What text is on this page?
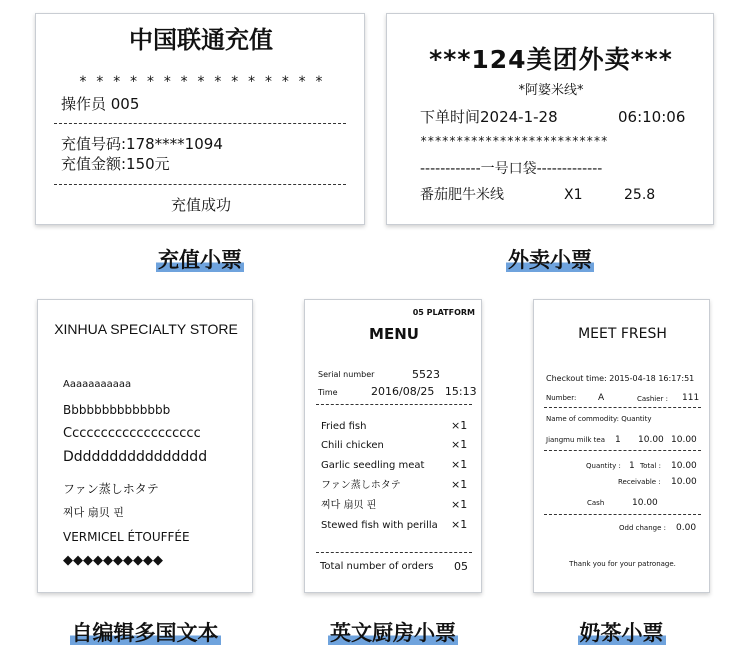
中国联通充值
* * * * * * * * * * * * * * *
操作员 005
充值号码:178****1094
充值金额:150元
充值成功
充值小票
***124美团外卖***
*阿婆米线*
下单时间2024-1-28	06:10:06
**************************
------------一号口袋-------------
番茄肥牛米线	X1	25.8
外卖小票
XINHUA SPECIALTY STORE
Aaaaaaaaaaa
Bbbbbbbbbbbbbb
Ccccccccccccccccccc
Dddddddddddddddd
ファン蒸しホタテ
찌다 扇贝 핀
VERMICEL ÉTOUFFÉE
◆◆◆◆◆◆◆◆◆◆
自编辑多国文本
05 PLATFORM
MENU
Serial number	5523
Time	2016/08/25   15:13
Fried fish	×1
Chili chicken	×1
Garlic seedling meat ×1
ファン蒸しホタテ	×1
찌다 扇贝 핀	×1
Stewed fish with perilla ×1
Total number of orders 05
英文厨房小票
MEET FRESH
Checkout time: 2015-04-18 16:17:51
Number: A	Cashier : 111
Name of commodity: Quantity
Jiangmu milk tea 1 10.00 10.00
Quantity : 1 Total : 10.00
Receivable : 10.00
Cash	10.00
Odd change : 0.00
Thank you for your patronage.
奶茶小票
